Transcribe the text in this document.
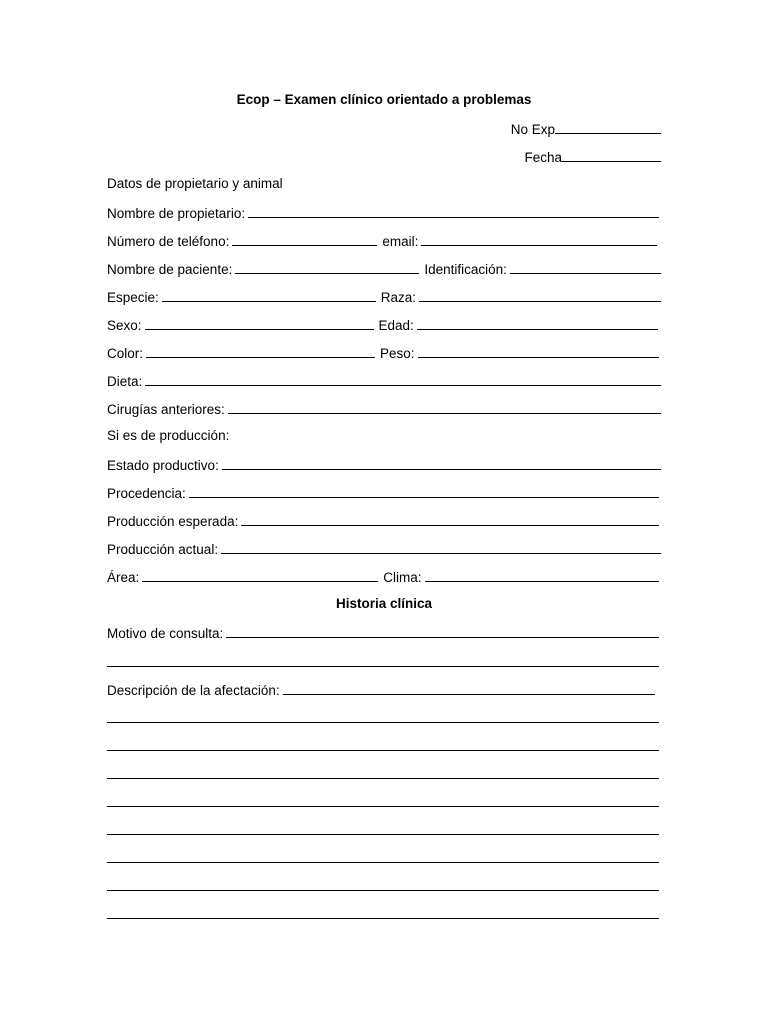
Ecop – Examen clínico orientado a problemas
No Exp
Fecha
Datos de propietario y animal
Nombre de propietario:
Número de teléfono:	email:
Nombre de paciente:	Identificación:
Especie:	Raza:
Sexo:	Edad:
Color:	Peso:
Dieta:
Cirugías anteriores:
Si es de producción:
Estado productivo:
Procedencia:
Producción esperada:
Producción actual:
Área:	Clima:
Historia clínica
Motivo de consulta:
Descripción de la afectación:
